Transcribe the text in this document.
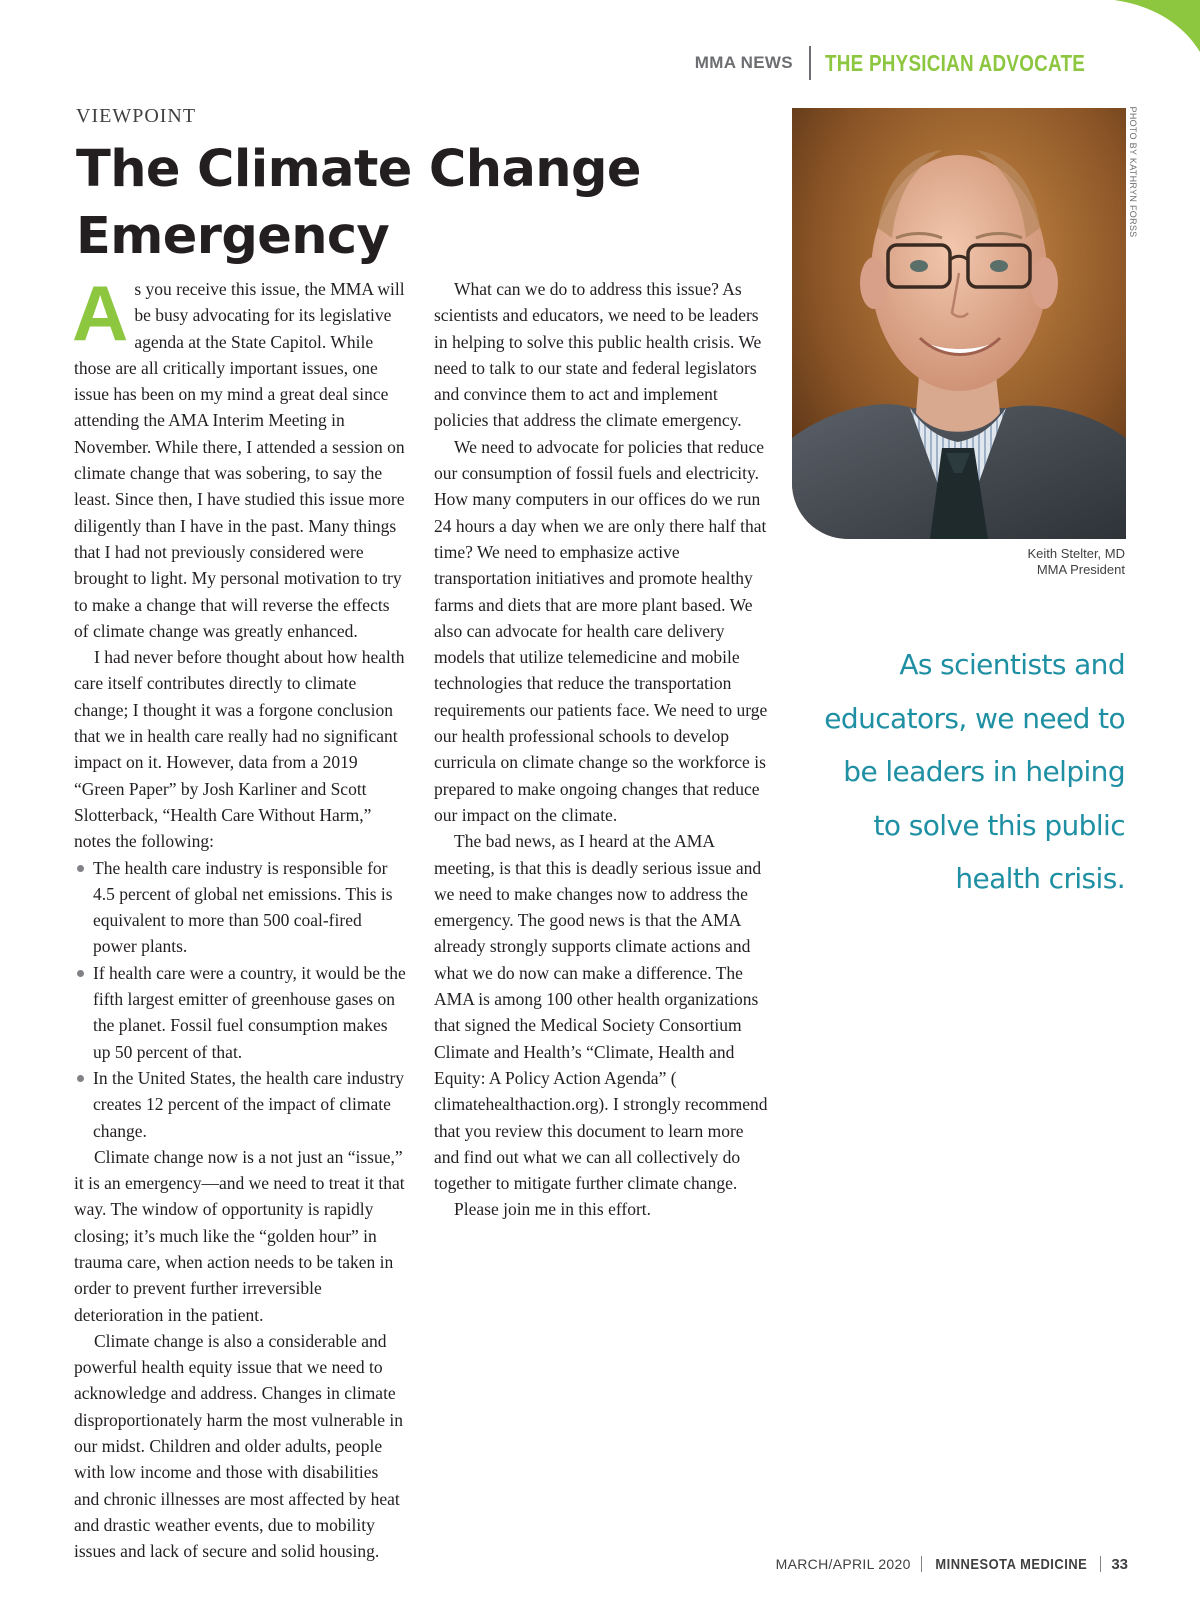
MMA NEWS THE PHYSICIAN ADVOCATE
VIEWPOINT
The Climate Change
Emergency

As you receive this issue, the MMA will be busy advocating for its legislative agenda at the State Capitol. While those are all critically important issues, one issue has been on my mind a great deal since attending the AMA Interim Meeting in November. While there, I attended a session on climate change that was sobering, to say the least. Since then, I have studied this issue more diligently than I have in the past. Many things that I had not previously considered were brought to light. My personal motivation to try to make a change that will reverse the effects of climate change was greatly enhanced.

I had never before thought about how health care itself contributes directly to climate change; I thought it was a forgone conclusion that we in health care really had no significant impact on it. However, data from a 2019 “Green Paper” by Josh Karliner and Scott Slotterback, “Health Care Without Harm,” notes the following:

The health care industry is responsible for 4.5 percent of global net emissions. This is equivalent to more than 500 coal-fired power plants.
If health care were a country, it would be the fifth largest emitter of greenhouse gases on the planet. Fossil fuel consumption makes up 50 percent of that.
In the United States, the health care industry creates 12 percent of the impact of climate change.

Climate change now is a not just an “issue,” it is an emergency—and we need to treat it that way. The window of opportunity is rapidly closing; it’s much like the “golden hour” in trauma care, when action needs to be taken in order to prevent further irreversible deterioration in the patient.

Climate change is also a considerable and powerful health equity issue that we need to acknowledge and address. Changes in climate disproportionately harm the most vulnerable in our midst. Children and older adults, people with low income and those with disabilities and chronic illnesses are most affected by heat and drastic weather events, due to mobility issues and lack of secure and solid housing.

What can we do to address this issue? As scientists and educators, we need to be leaders in helping to solve this public health crisis. We need to talk to our state and federal legislators and convince them to act and implement policies that address the climate emergency.

We need to advocate for policies that reduce our consumption of fossil fuels and electricity. How many computers in our offices do we run 24 hours a day when we are only there half that time? We need to emphasize active transportation initiatives and promote healthy farms and diets that are more plant based. We also can advocate for health care delivery models that utilize telemedicine and mobile technologies that reduce the transportation requirements our patients face. We need to urge our health professional schools to develop curricula on climate change so the workforce is prepared to make ongoing changes that reduce our impact on the climate.

The bad news, as I heard at the AMA meeting, is that this is deadly serious issue and we need to make changes now to address the emergency. The good news is that the AMA already strongly supports climate actions and what we do now can make a difference. The AMA is among 100 other health organizations that signed the Medical Society Consortium Climate and Health’s “Climate, Health and Equity: A Policy Action Agenda” ( climatehealthaction.org). I strongly recommend that you review this document to learn more and find out what we can all collectively do together to mitigate further climate change.

Please join me in this effort.

PHOTO BY KATHRYN FORSS
Keith Stelter, MD
MMA President
As scientists and
educators, we need to
be leaders in helping
to solve this public
health crisis.
MARCH/APRIL 2020 MINNESOTA MEDICINE 33
